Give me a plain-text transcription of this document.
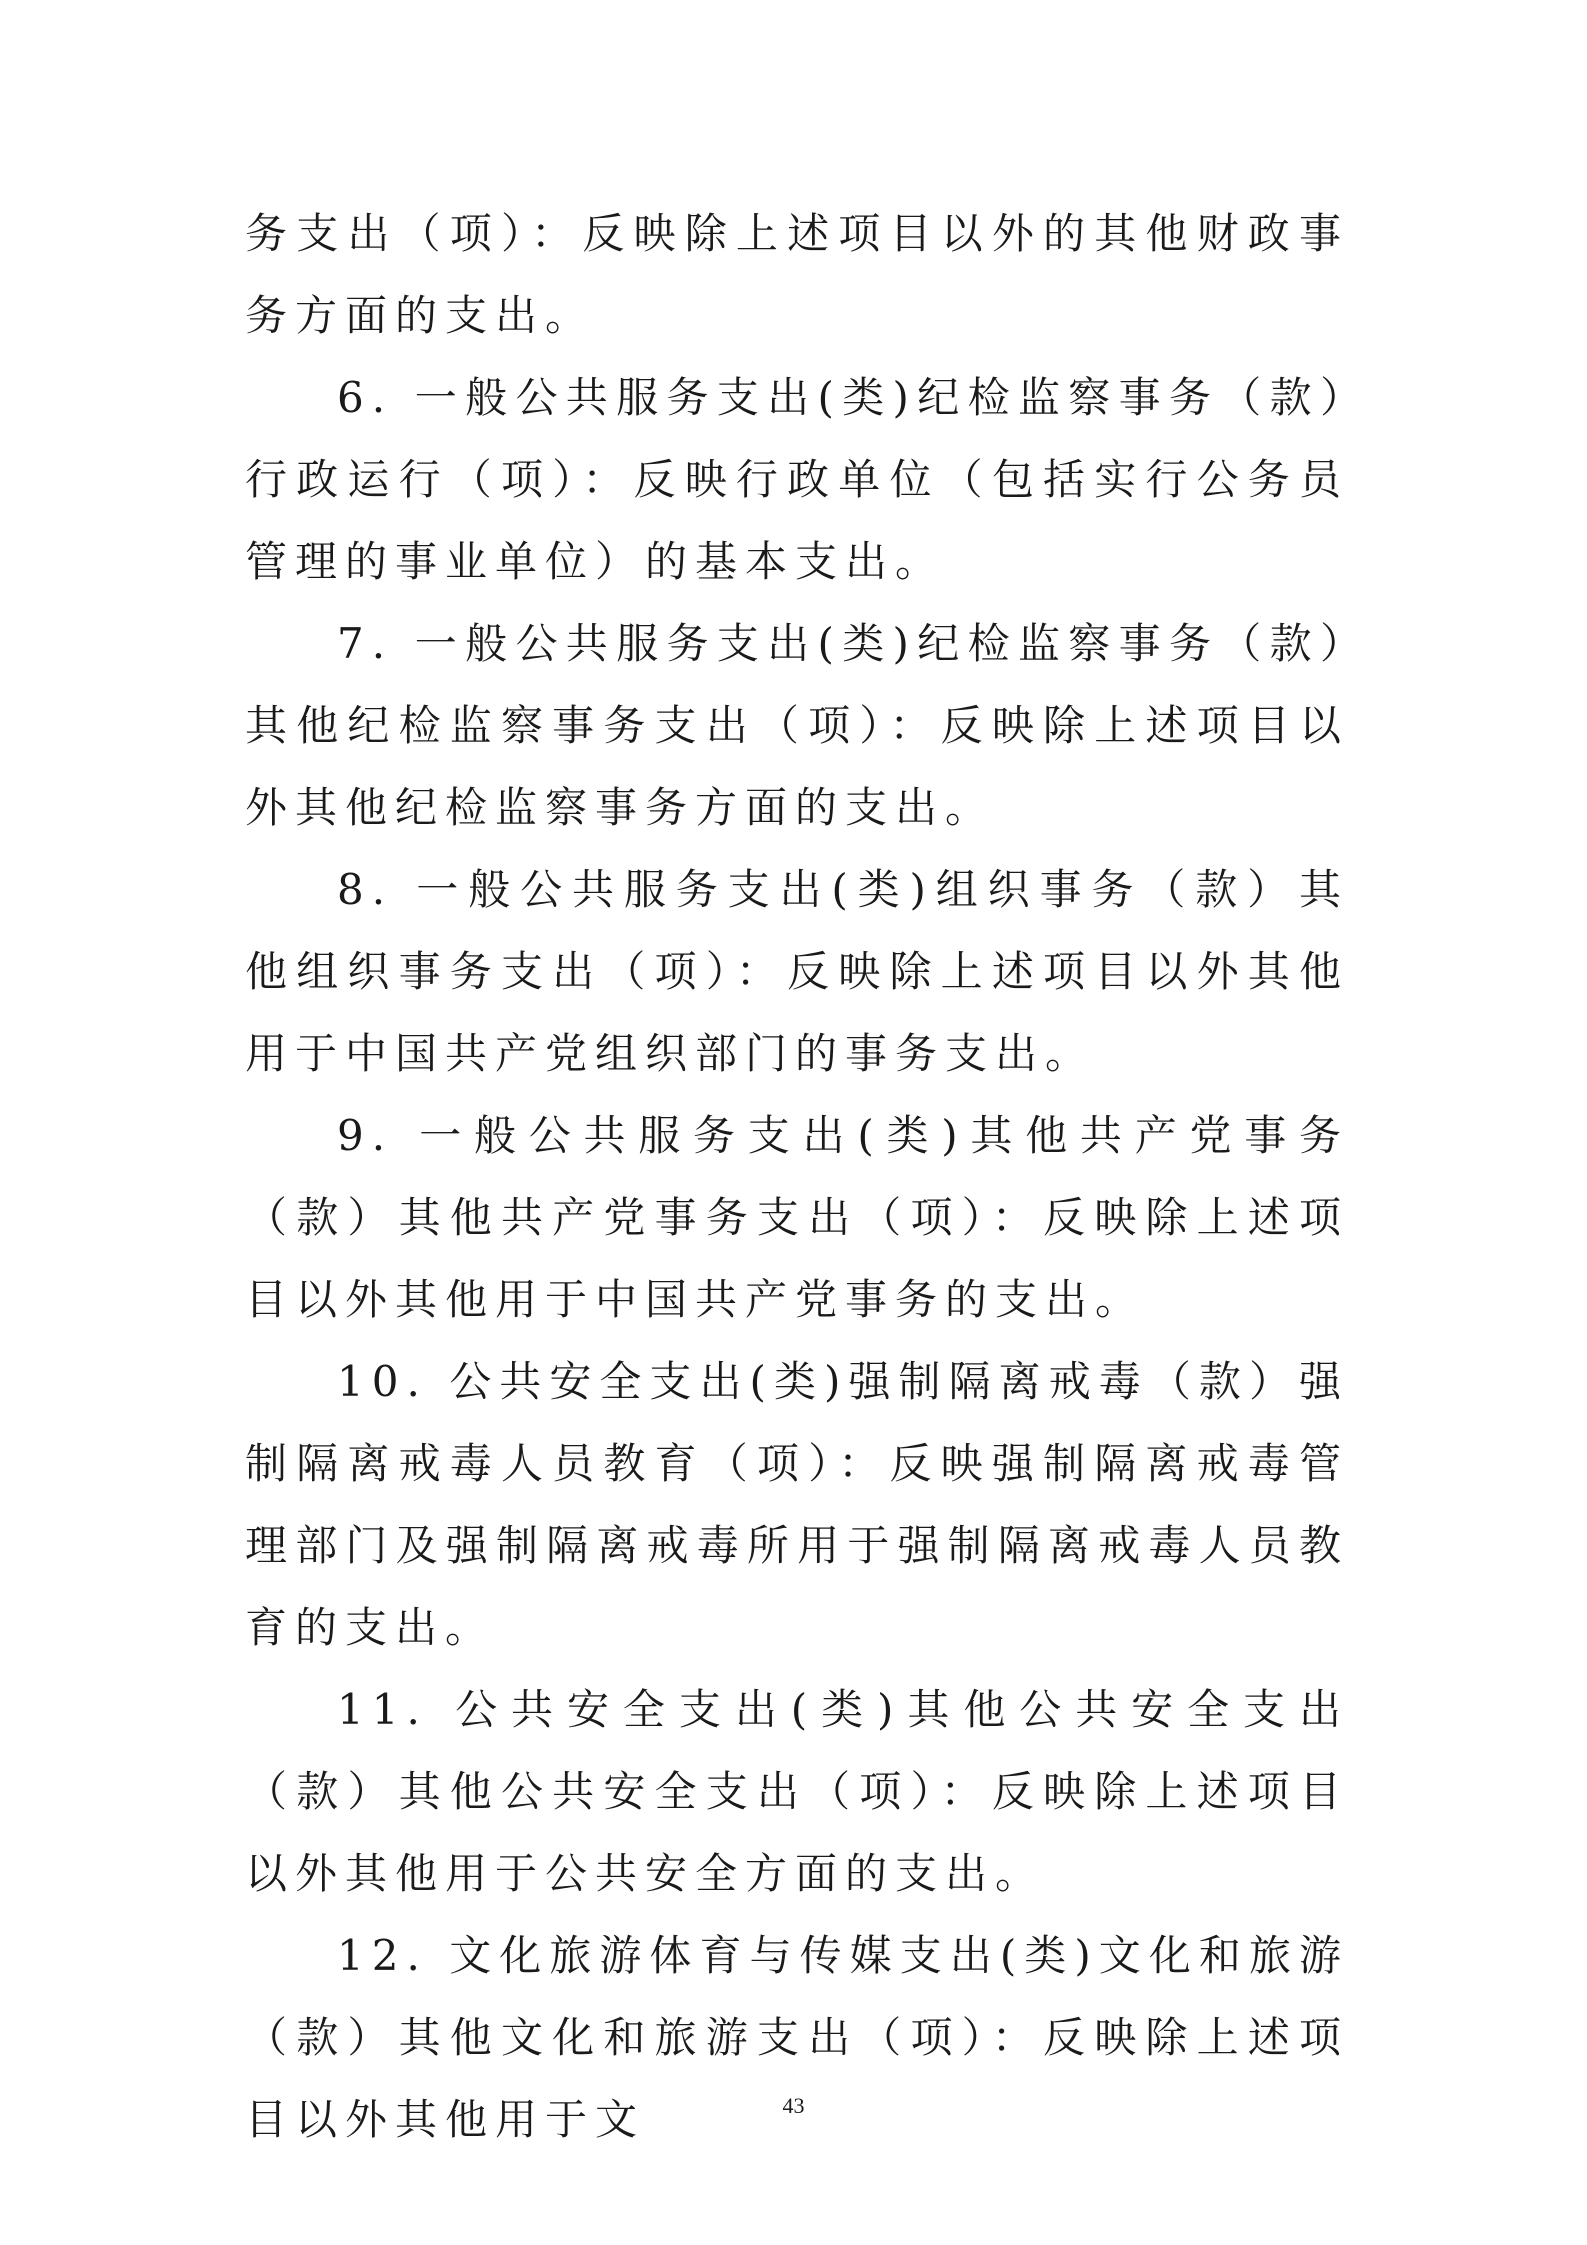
务支出（项）：反映除上述项目以外的其他财政事务方面的支出。

6. 一般公共服务支出(类)纪检监察事务（款）行政运行（项）：反映行政单位（包括实行公务员管理的事业单位）的基本支出。

7. 一般公共服务支出(类)纪检监察事务（款）其他纪检监察事务支出（项）：反映除上述项目以外其他纪检监察事务方面的支出。

8. 一般公共服务支出(类)组织事务（款）其他组织事务支出（项）：反映除上述项目以外其他用于中国共产党组织部门的事务支出。

9. 一般公共服务支出(类)其他共产党事务（款）其他共产党事务支出（项）：反映除上述项目以外其他用于中国共产党事务的支出。

10. 公共安全支出(类)强制隔离戒毒（款）强制隔离戒毒人员教育（项）：反映强制隔离戒毒管理部门及强制隔离戒毒所用于强制隔离戒毒人员教育的支出。

11. 公共安全支出(类)其他公共安全支出（款）其他公共安全支出（项）：反映除上述项目以外其他用于公共安全方面的支出。

12. 文化旅游体育与传媒支出(类)文化和旅游（款）其他文化和旅游支出（项）：反映除上述项目以外其他用于文	43
